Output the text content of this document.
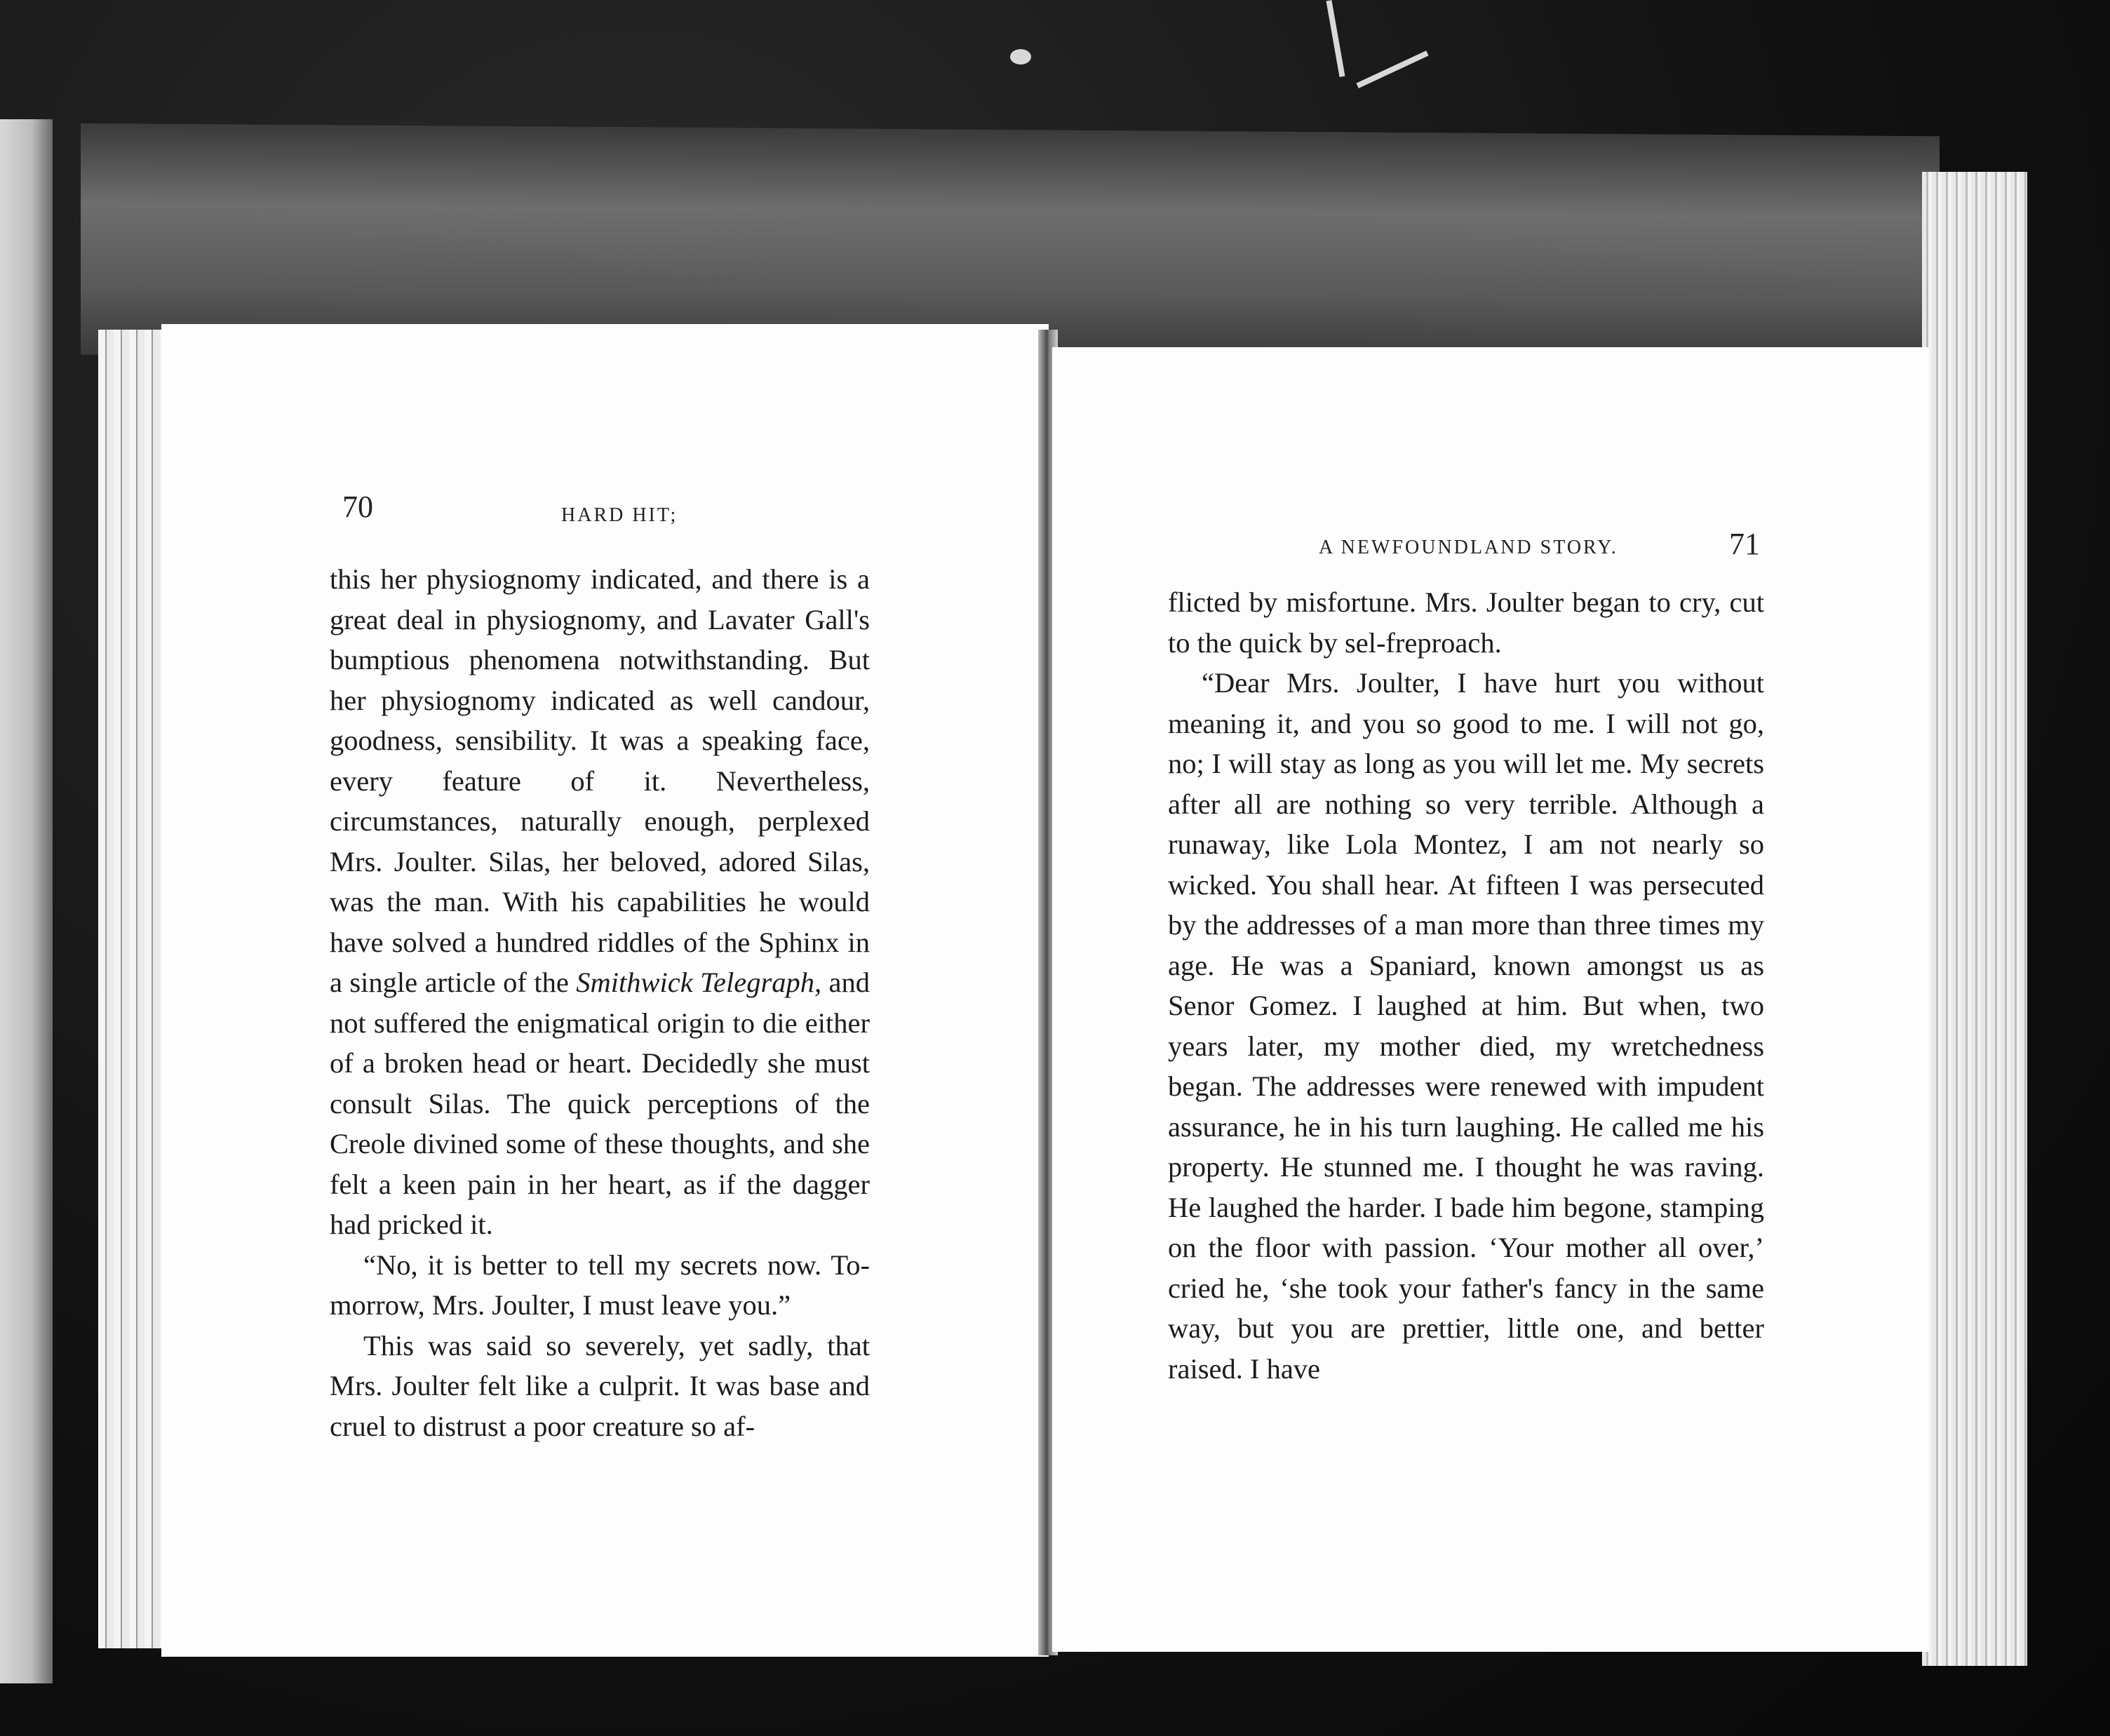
70	HARD HIT;

this her physiognomy indicated, and there is a great deal in physiognomy, and Lavater Gall's bumptious phenomena notwithstanding. But her physiognomy indicated as well candour, goodness, sensibility. It was a speaking face, every feature of it. Nevertheless, circumstances, naturally enough, perplexed Mrs. Joulter. Silas, her beloved, adored Silas, was the man. With his capabilities he would have solved a hundred riddles of the Sphinx in a single article of the Smithwick Telegraph, and not suffered the enigmatical origin to die either of a broken head or heart. Decidedly she must consult Silas. The quick perceptions of the Creole divined some of these thoughts, and she felt a keen pain in her heart, as if the dagger had pricked it.

“No, it is better to tell my secrets now. To-morrow, Mrs. Joulter, I must leave you.”

This was said so severely, yet sadly, that Mrs. Joulter felt like a culprit. It was base and cruel to distrust a poor creature so af-

A NEWFOUNDLAND STORY.	71

flicted by misfortune. Mrs. Joulter began to cry, cut to the quick by sel-freproach.

“Dear Mrs. Joulter, I have hurt you without meaning it, and you so good to me. I will not go, no; I will stay as long as you will let me. My secrets after all are nothing so very terrible. Although a runaway, like Lola Montez, I am not nearly so wicked. You shall hear. At fifteen I was persecuted by the addresses of a man more than three times my age. He was a Spaniard, known amongst us as Senor Gomez. I laughed at him. But when, two years later, my mother died, my wretchedness began. The addresses were renewed with impudent assurance, he in his turn laughing. He called me his property. He stunned me. I thought he was raving. He laughed the harder. I bade him begone, stamping on the floor with passion. ‘Your mother all over,’ cried he, ‘she took your father's fancy in the same way, but you are prettier, little one, and better raised. I have
